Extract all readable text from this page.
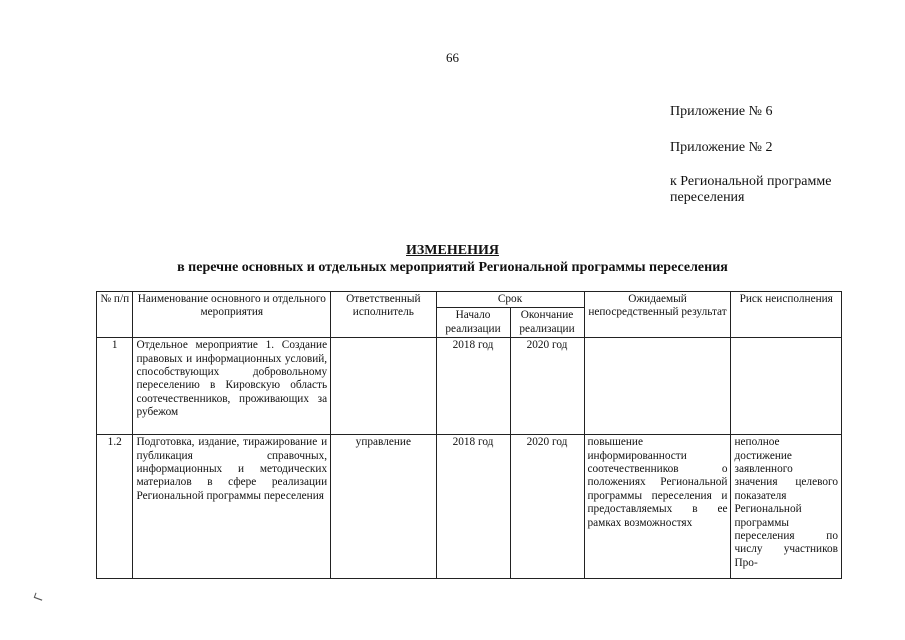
66
Приложение № 6
Приложение № 2
к Региональной программе переселения
ИЗМЕНЕНИЯ
в перечне основных и отдельных мероприятий Региональной программы переселения
№ п/п	Наименование основного и отдельного мероприятия	Ответственный исполнитель	Срок		Ожидаемый непосредственный результат	Риск неисполнения
			Начало реализации	Окончание реализации		
1	Отдельное мероприятие 1. Создание правовых и информационных условий, способствующих добровольному переселению в Кировскую область соотечественников, проживающих за рубежом		2018 год	2020 год		
1.2	Подготовка, издание, тиражирование и публикация справочных, информационных и методических материалов в сфере реализации Региональной программы переселения	управление	2018 год	2020 год	повышение информированности соотечественников о положениях Региональной программы переселения и предоставляемых в ее рамках возможностях	неполное достижение заявленного значения целевого показателя Региональной программы переселения по числу участников Про-
ᒥ
